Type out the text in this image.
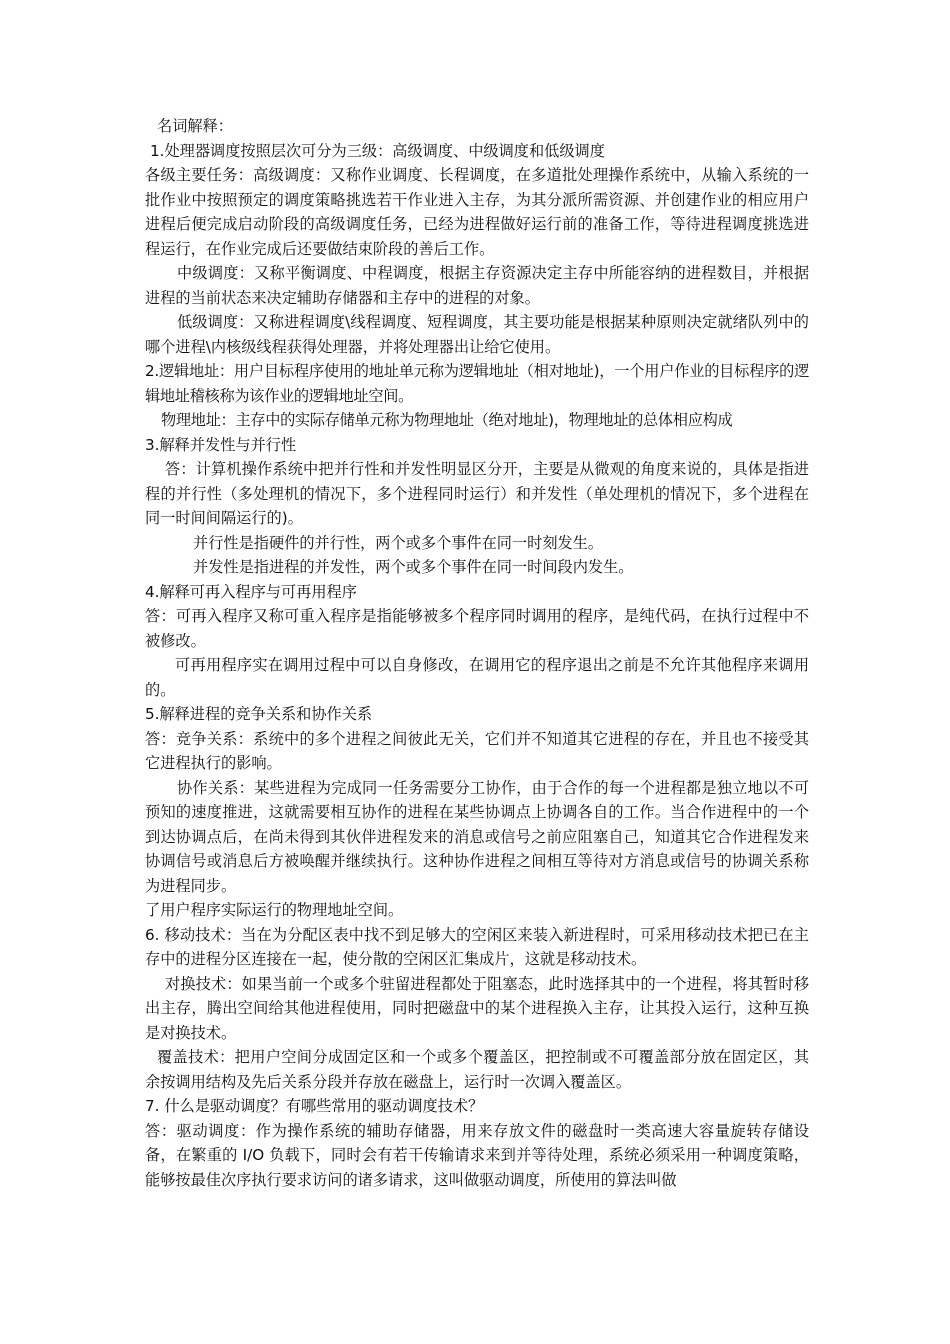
名词解释：

1.处理器调度按照层次可分为三级：高级调度、中级调度和低级调度

各级主要任务：高级调度：又称作业调度、长程调度，在多道批处理操作系统中，从输入系统的一批作业中按照预定的调度策略挑选若干作业进入主存，为其分派所需资源、并创建作业的相应用户进程后便完成启动阶段的高级调度任务，已经为进程做好运行前的准备工作，等待进程调度挑选进程运行，在作业完成后还要做结束阶段的善后工作。

中级调度：又称平衡调度、中程调度，根据主存资源决定主存中所能容纳的进程数目，并根据进程的当前状态来决定辅助存储器和主存中的进程的对象。

低级调度：又称进程调度\线程调度、短程调度，其主要功能是根据某种原则决定就绪队列中的哪个进程\内核级线程获得处理器，并将处理器出让给它使用。

2.逻辑地址：用户目标程序使用的地址单元称为逻辑地址（相对地址)，一个用户作业的目标程序的逻辑地址稽核称为该作业的逻辑地址空间。

物理地址：主存中的实际存储单元称为物理地址（绝对地址)，物理地址的总体相应构成

3.解释并发性与并行性

答：计算机操作系统中把并行性和并发性明显区分开，主要是从微观的角度来说的，具体是指进程的并行性（多处理机的情况下，多个进程同时运行）和并发性（单处理机的情况下，多个进程在同一时间间隔运行的)。

并行性是指硬件的并行性，两个或多个事件在同一时刻发生。

并发性是指进程的并发性，两个或多个事件在同一时间段内发生。

4.解释可再入程序与可再用程序

答：可再入程序又称可重入程序是指能够被多个程序同时调用的程序，是纯代码，在执行过程中不被修改。

可再用程序实在调用过程中可以自身修改，在调用它的程序退出之前是不允许其他程序来调用的。

5.解释进程的竞争关系和协作关系

答：竞争关系：系统中的多个进程之间彼此无关，它们并不知道其它进程的存在，并且也不接受其它进程执行的影响。

协作关系：某些进程为完成同一任务需要分工协作，由于合作的每一个进程都是独立地以不可预知的速度推进，这就需要相互协作的进程在某些协调点上协调各自的工作。当合作进程中的一个到达协调点后，在尚未得到其伙伴进程发来的消息或信号之前应阻塞自己，知道其它合作进程发来协调信号或消息后方被唤醒并继续执行。这种协作进程之间相互等待对方消息或信号的协调关系称为进程同步。

了用户程序实际运行的物理地址空间。

6. 移动技术：当在为分配区表中找不到足够大的空闲区来装入新进程时，可采用移动技术把已在主存中的进程分区连接在一起，使分散的空闲区汇集成片，这就是移动技术。

对换技术：如果当前一个或多个驻留进程都处于阻塞态，此时选择其中的一个进程，将其暂时移出主存，腾出空间给其他进程使用，同时把磁盘中的某个进程换入主存，让其投入运行，这种互换是对换技术。

覆盖技术：把用户空间分成固定区和一个或多个覆盖区，把控制或不可覆盖部分放在固定区，其余按调用结构及先后关系分段并存放在磁盘上，运行时一次调入覆盖区。

7. 什么是驱动调度？有哪些常用的驱动调度技术？

答：驱动调度：作为操作系统的辅助存储器，用来存放文件的磁盘时一类高速大容量旋转存储设备，在繁重的 I/O 负载下，同时会有若干传输请求来到并等待处理，系统必须采用一种调度策略，能够按最佳次序执行要求访问的诸多请求，这叫做驱动调度，所使用的算法叫做
